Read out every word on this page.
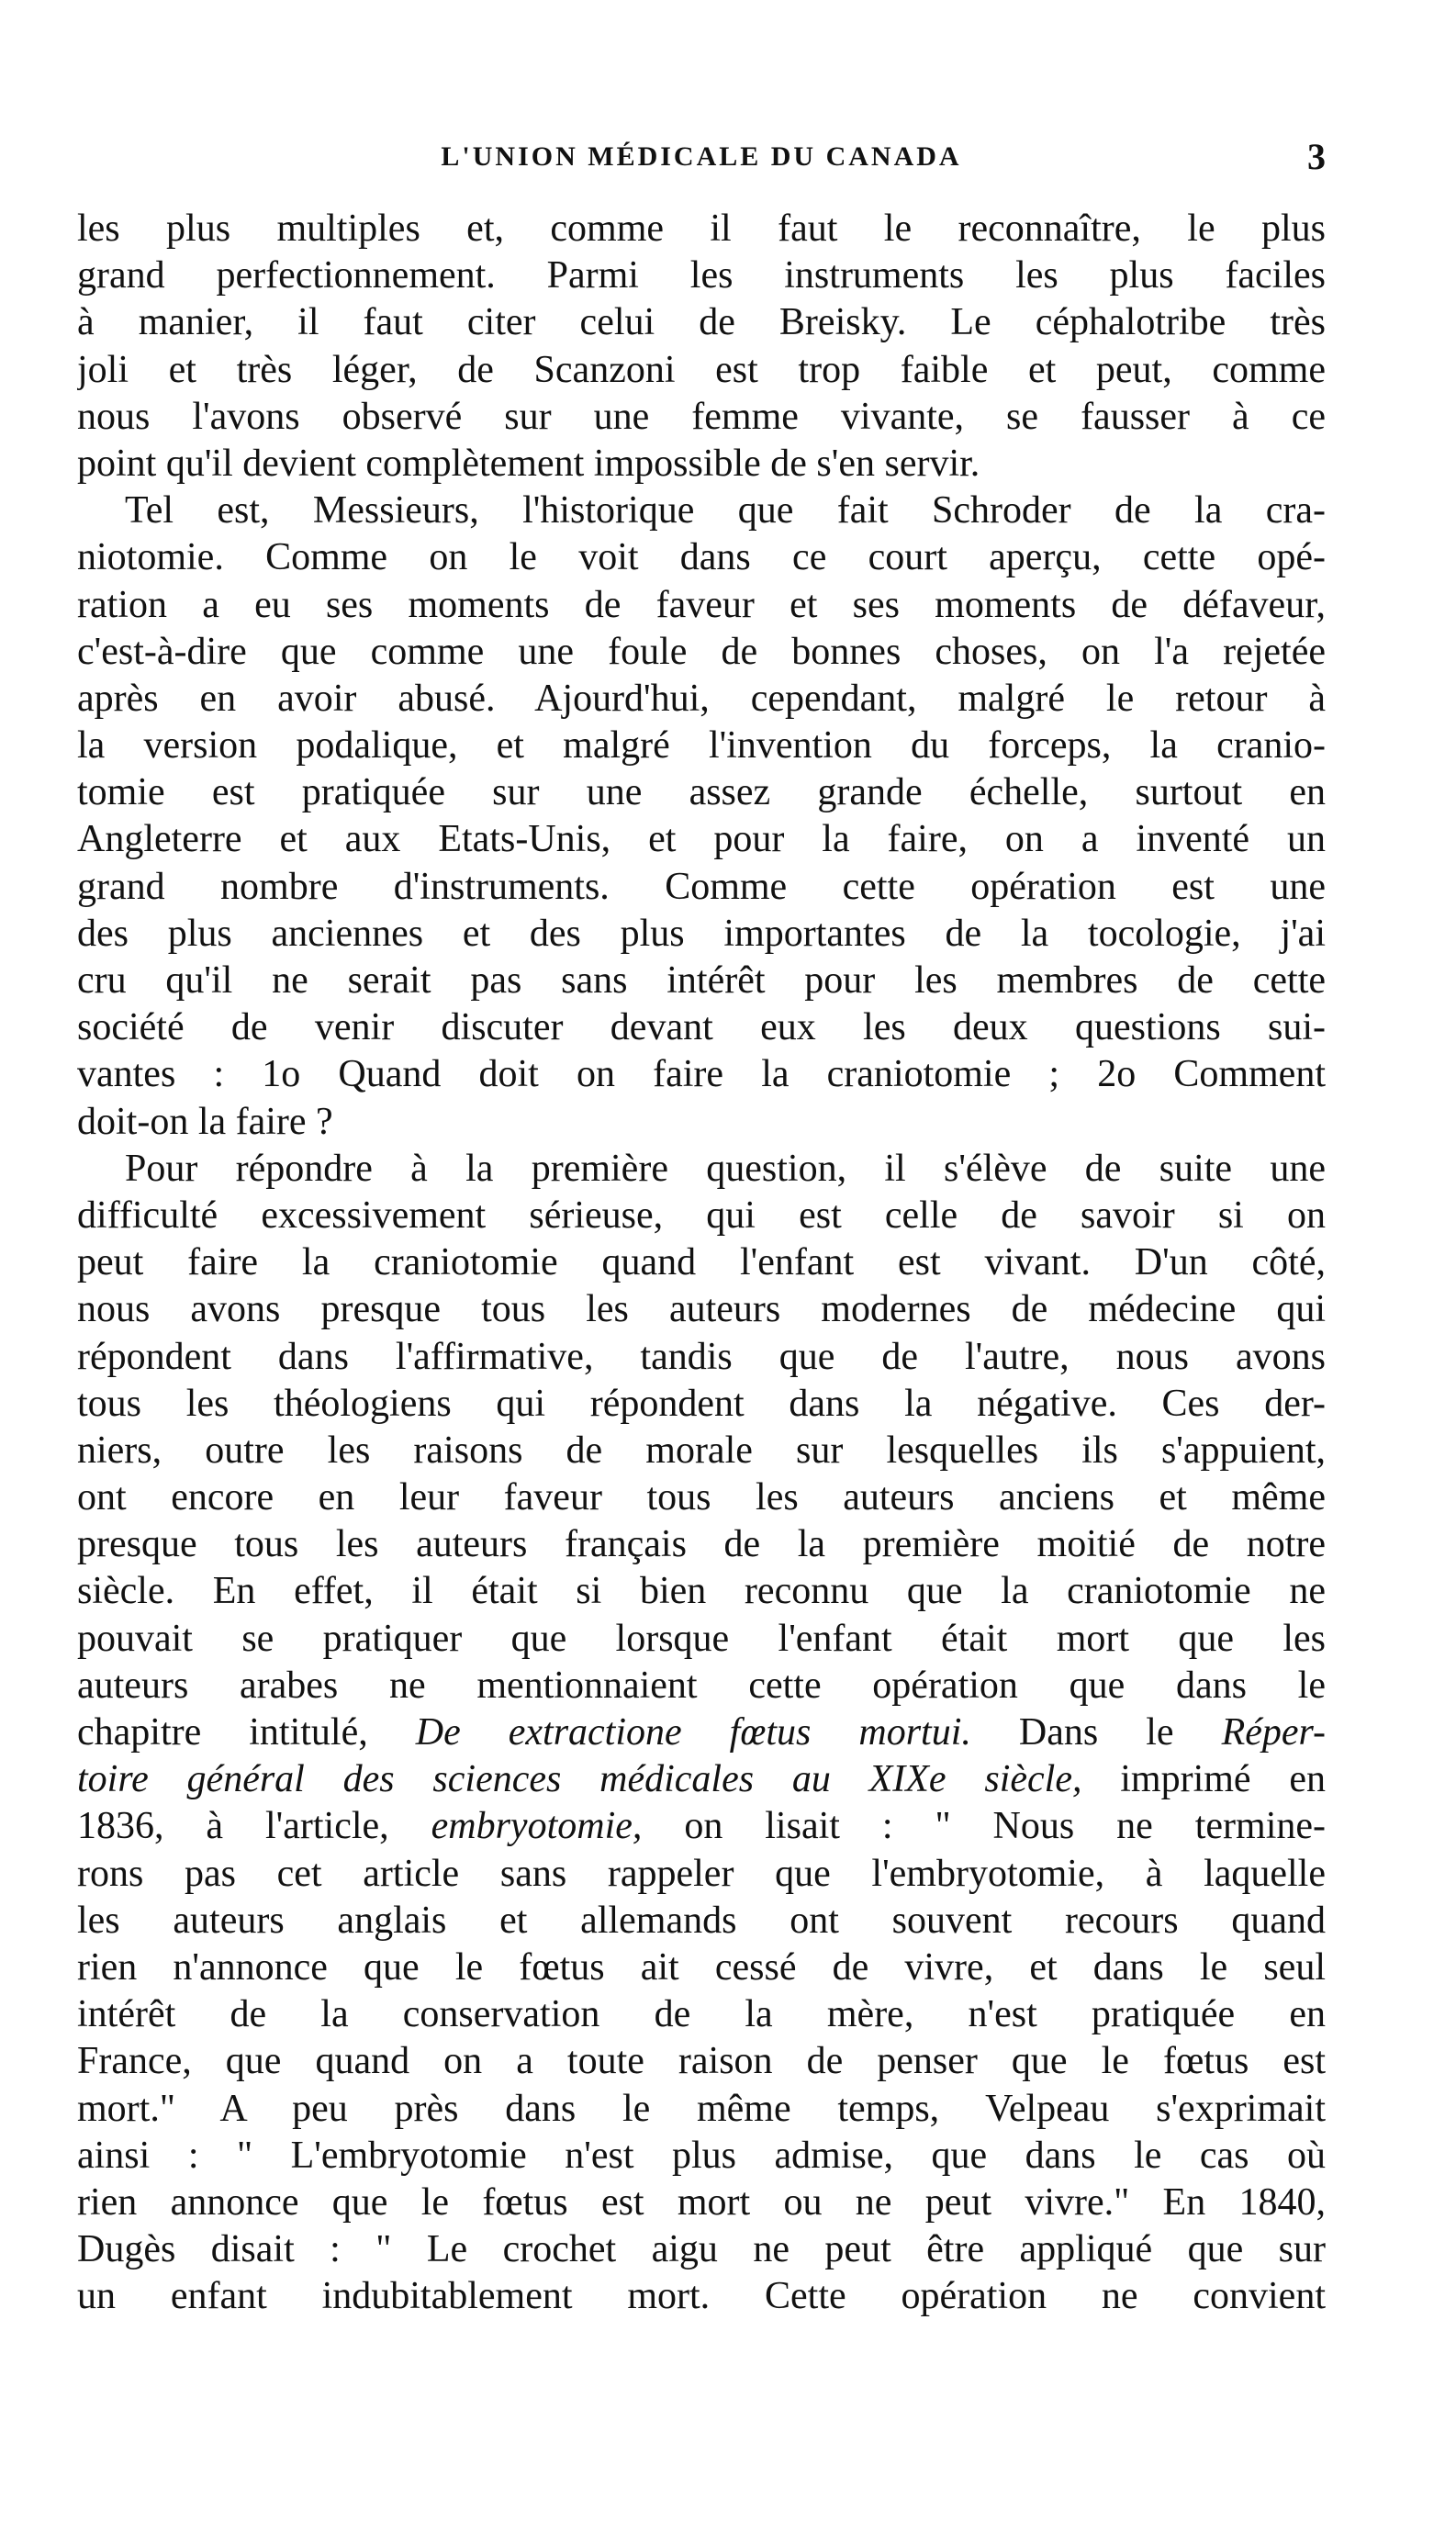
L'UNION MÉDICALE DU CANADA	3
les plus multiples et, comme il faut le reconnaître, le plus
grand perfectionnement. Parmi les instruments les plus faciles
à manier, il faut citer celui de Breisky. Le céphalotribe très
joli et très léger, de Scanzoni est trop faible et peut, comme
nous l'avons observé sur une femme vivante, se fausser à ce
point qu'il devient complètement impossible de s'en servir.
Tel est, Messieurs, l'historique que fait Schroder de la cra-
niotomie. Comme on le voit dans ce court aperçu, cette opé-
ration a eu ses moments de faveur et ses moments de défaveur,
c'est-à-dire que comme une foule de bonnes choses, on l'a rejetée
après en avoir abusé. Ajourd'hui, cependant, malgré le retour à
la version podalique, et malgré l'invention du forceps, la cranio-
tomie est pratiquée sur une assez grande échelle, surtout en
Angleterre et aux Etats-Unis, et pour la faire, on a inventé un
grand nombre d'instruments. Comme cette opération est une
des plus anciennes et des plus importantes de la tocologie, j'ai
cru qu'il ne serait pas sans intérêt pour les membres de cette
société de venir discuter devant eux les deux questions sui-
vantes : 1o Quand doit on faire la craniotomie ; 2o Comment
doit-on la faire ?
Pour répondre à la première question, il s'élève de suite une
difficulté excessivement sérieuse, qui est celle de savoir si on
peut faire la craniotomie quand l'enfant est vivant. D'un côté,
nous avons presque tous les auteurs modernes de médecine qui
répondent dans l'affirmative, tandis que de l'autre, nous avons
tous les théologiens qui répondent dans la négative. Ces der-
niers, outre les raisons de morale sur lesquelles ils s'appuient,
ont encore en leur faveur tous les auteurs anciens et même
presque tous les auteurs français de la première moitié de notre
siècle. En effet, il était si bien reconnu que la craniotomie ne
pouvait se pratiquer que lorsque l'enfant était mort que les
auteurs arabes ne mentionnaient cette opération que dans le
chapitre intitulé, De extractione fœtus mortui. Dans le Réper-
toire général des sciences médicales au XIXe siècle, imprimé en
1836, à l'article, embryotomie, on lisait : " Nous ne termine-
rons pas cet article sans rappeler que l'embryotomie, à laquelle
les auteurs anglais et allemands ont souvent recours quand
rien n'annonce que le fœtus ait cessé de vivre, et dans le seul
intérêt de la conservation de la mère, n'est pratiquée en
France, que quand on a toute raison de penser que le fœtus est
mort." A peu près dans le même temps, Velpeau s'exprimait
ainsi : " L'embryotomie n'est plus admise, que dans le cas où
rien annonce que le fœtus est mort ou ne peut vivre." En 1840,
Dugès disait : " Le crochet aigu ne peut être appliqué que sur
un enfant indubitablement mort. Cette opération ne convient
